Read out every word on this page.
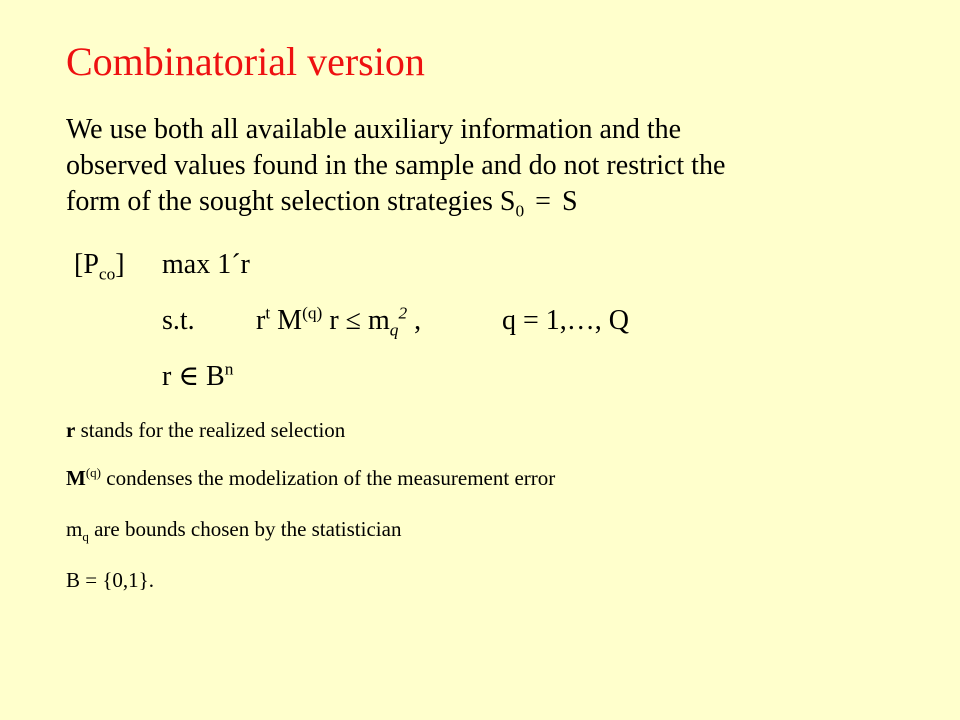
Combinatorial version
We use both all available auxiliary information and the
observed values found in the sample and do not restrict the
form of the sought selection strategies $S_0 = S$
$[P_{co}]$ max 1´r
s.t. $r^t$ $M^{(q)}$ $r \le m_q^2$ ,	q = 1,…, Q
r ∈ $B^n$
r stands for the realized selection
$M^{(q)}$ condenses the modelization of the measurement error
$m_q$ are bounds chosen by the statistician
B = {0,1}.
